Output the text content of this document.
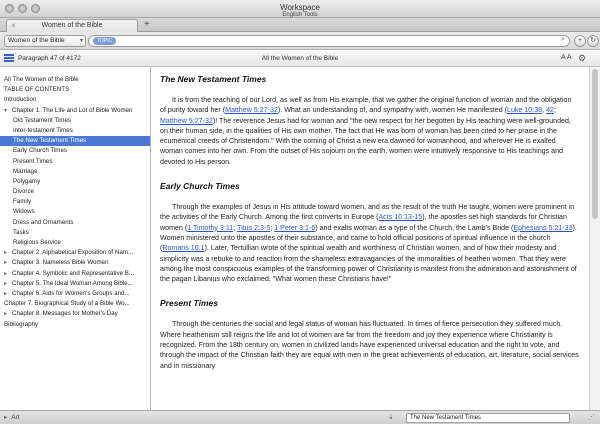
Workspace
English Tools
×	Women of the Bible	+
Women of the Bible	▾	TOPIC	⌕	+	↻
Paragraph 47 of 4172	All the Women of the Bible	A A ⚙
All The Women of the Bible
TABLE OF CONTENTS
Introduction
▾ Chapter 1. The Life and Lot of Bible Women
Old Testament Times
Inter-testament Times
The New Testament Times
Early Church Times
Present Times
Marriage
Polygamy
Divorce
Family
Widows
Dress and Ornaments
Tasks
Religious Service
▸ Chapter 2. Alphabetical Exposition of Nam...
▸ Chapter 3. Nameless Bible Women
▸ Chapter 4. Symbolic and Representative B...
▸ Chapter 5. The Ideal Woman Among Bible...
▸ Chapter 6. Aids for Women's Groups and...
Chapter 7. Biographical Study of a Bible Wo...
▸ Chapter 8. Messages for Mother's Day
Bibliography
The New Testament Times

It is from the teaching of our Lord, as well as from His example, that we gather the original function of woman and the obligation of purity toward her (Matthew 5:27-32). What an understanding of, and sympathy with, women He manifested (Luke 10:38, 42; Matthew 5:27-32)! The reverence Jesus had for woman and "the new respect for her begotten by His teaching were well-grounded, on their human side, in the qualities of His own mother. The fact that He was born of woman has been cited to her praise in the ecumenical creeds of Christendom." With the coming of Christ a new era dawned for womanhood, and wherever He is exalted woman comes into her own. From the outset of His sojourn on the earth, women were intuitively responsive to His teachings and devoted to His person.

Early Church Times

Through the examples of Jesus in His attitude toward women, and as the result of the truth He taught, women were prominent in the activities of the Early Church. Among the first converts in Europe (Acts 16:13-15), the apostles set high standards for Christian women (1 Timothy 3:11; Titus 2:3-5; 1 Peter 3:1-6) and exalts woman as a type of the Church, the Lamb's Bride (Ephesians 5:21-33). Women ministered unto the apostles of their substance, and came to hold official positions of spiritual influence in the church (Romans 16:1). Later, Tertullian wrote of the spiritual wealth and worthiness of Christian women, and of how their modesty and simplicity was a rebuke to and reaction from the shameless extravagancies of the immoralities of heathen women. That they were among the most conspicuous examples of the transforming power of Christianity is manifest from the admiration and astonishment of the pagan Libanius who exclaimed, "What women these Christians have!"

Present Times

Through the centuries the social and legal status of woman has fluctuated. In times of fierce persecution they suffered much. Where heathenism still reigns the life and lot of women are far from the freedom and joy they experience where Christianity is recognized. From the 18th century on, women in civilized lands have experienced universal education and the right to vote, and through the impact of the Christian faith they are equal with men in the great achievements of education, art, literature, social services and in missionary

▸ Art	⇣	The New Testament Times	⋰
